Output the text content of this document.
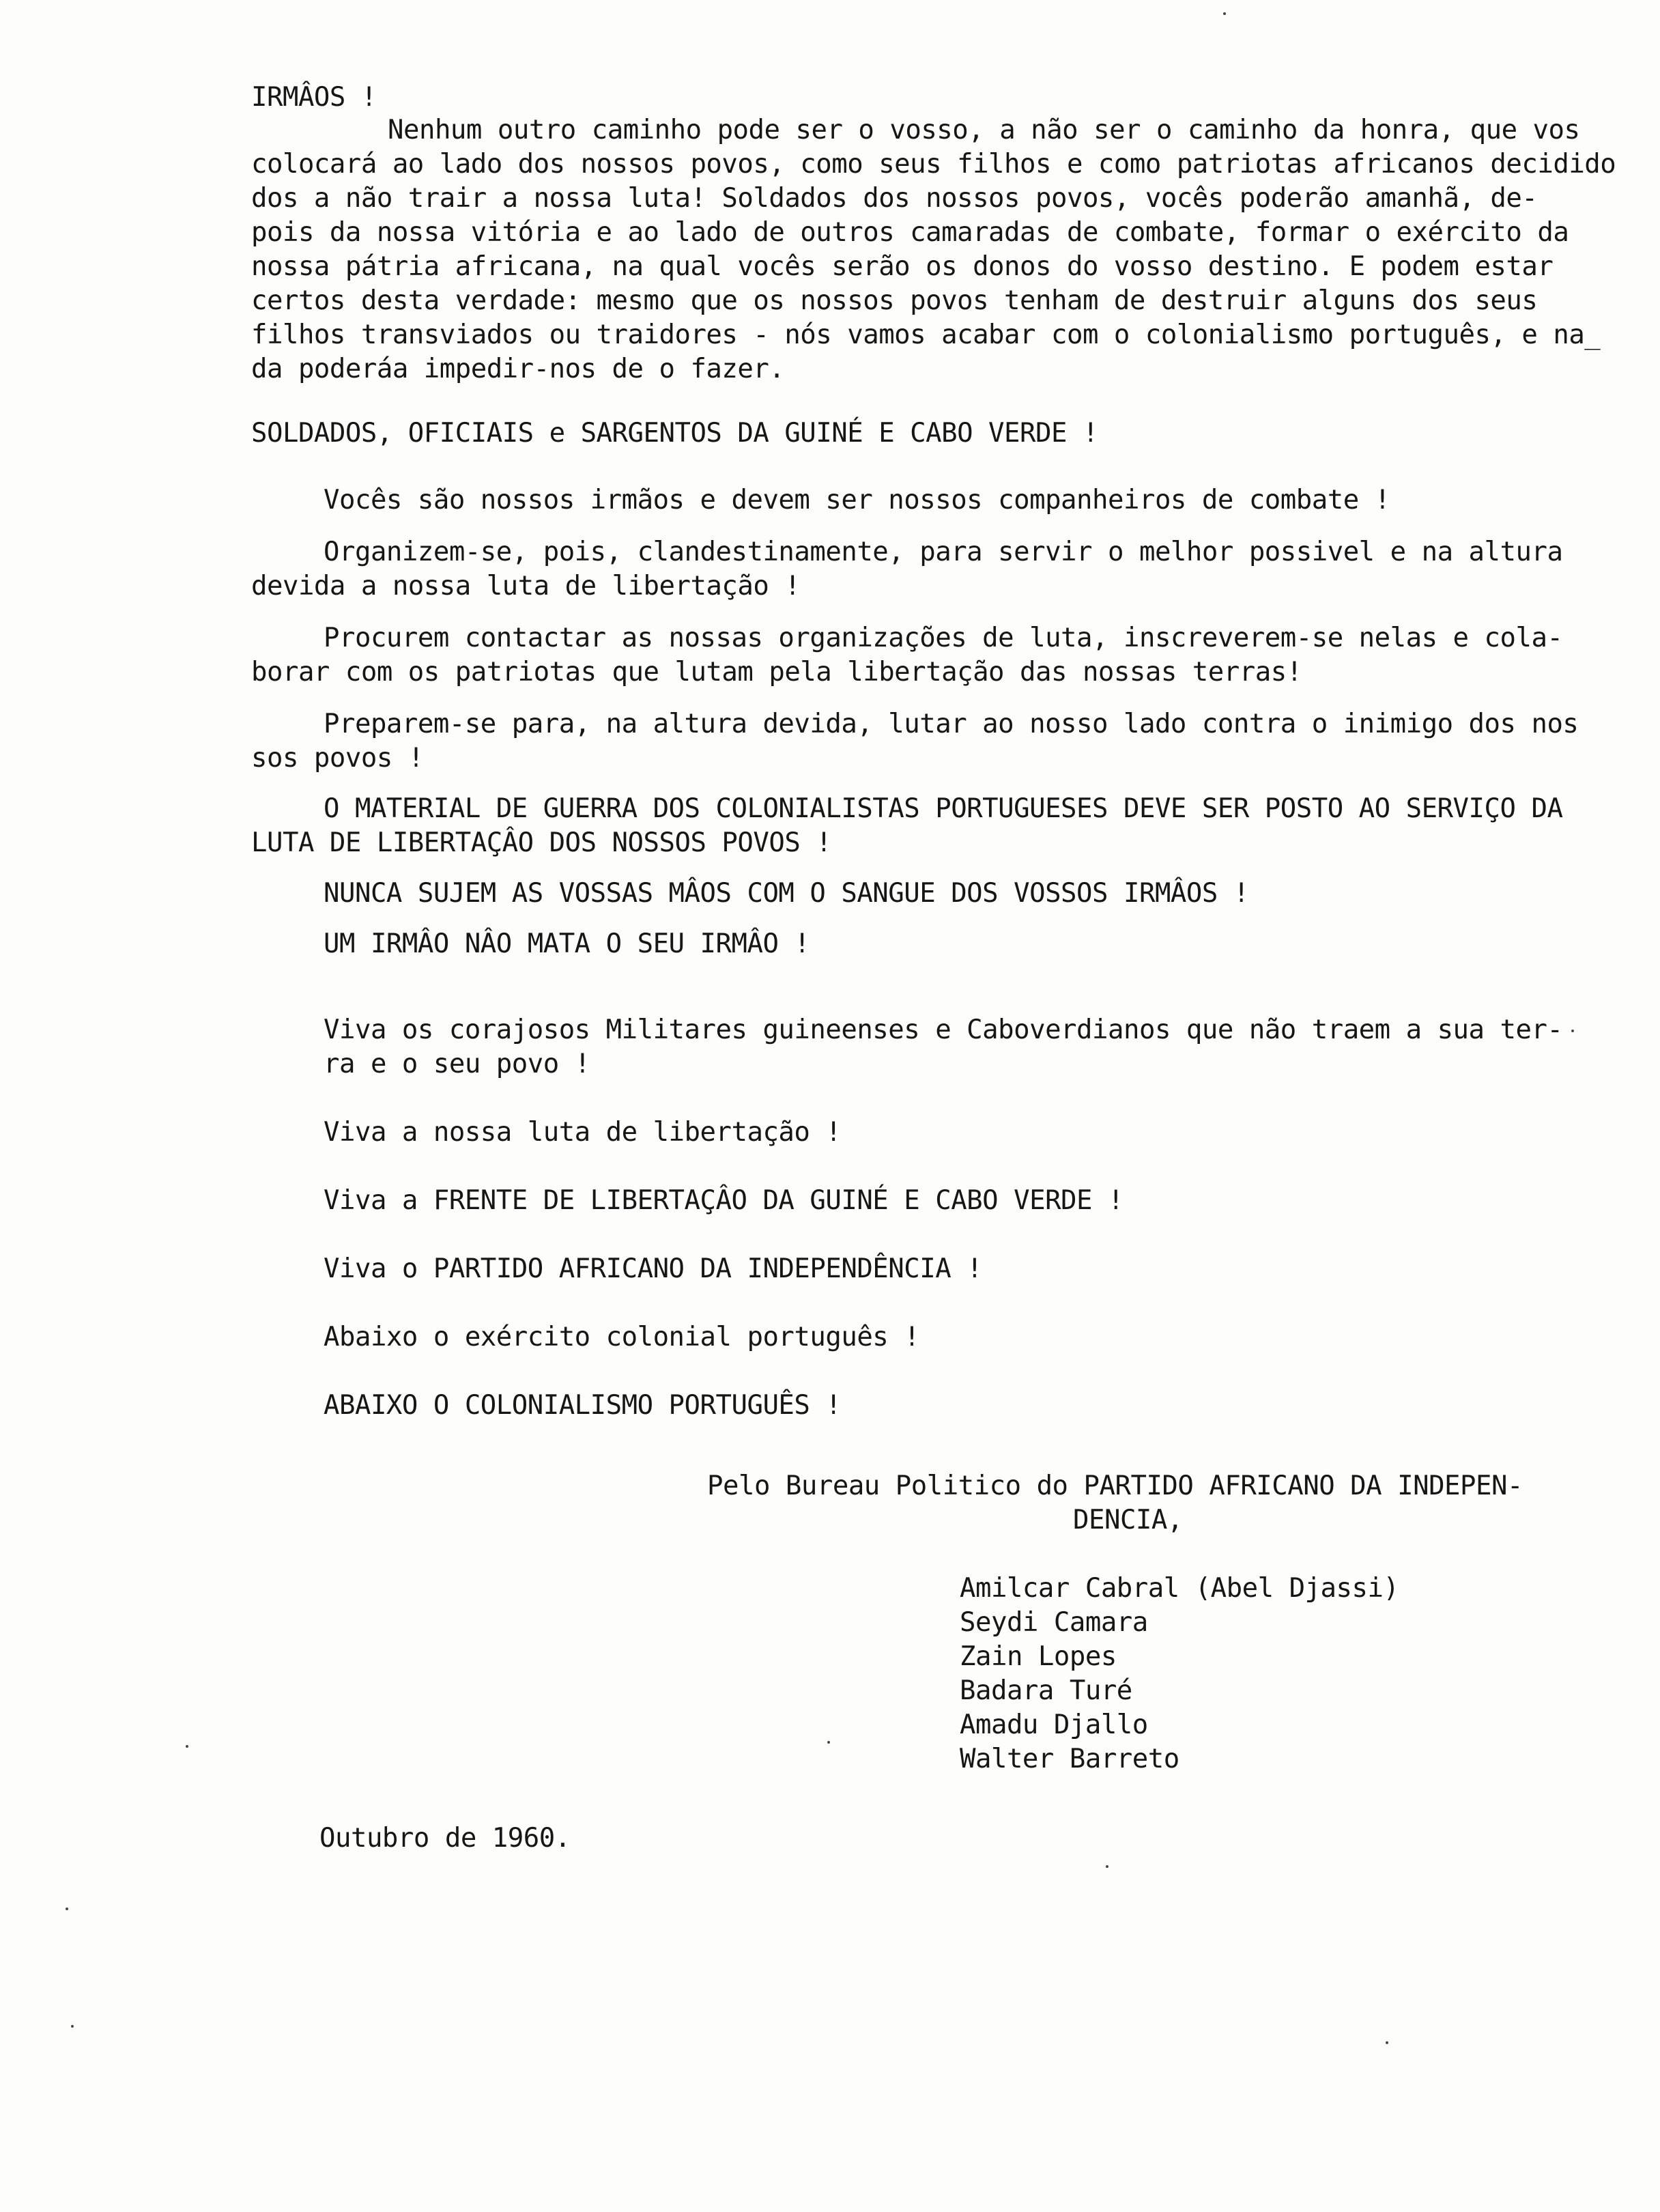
IRMÂOS !
Nenhum outro caminho pode ser o vosso, a não ser o caminho da honra, que vos
colocará ao lado dos nossos povos, como seus filhos e como patriotas africanos decidido
dos a não trair a nossa luta! Soldados dos nossos povos, vocês poderão amanhã, de-
pois da nossa vitória e ao lado de outros camaradas de combate, formar o exército da
nossa pátria africana, na qual vocês serão os donos do vosso destino. E podem estar
certos desta verdade: mesmo que os nossos povos tenham de destruir alguns dos seus
filhos transviados ou traidores - nós vamos acabar com o colonialismo português, e na_
da poderáa impedir-nos de o fazer.
SOLDADOS, OFICIAIS e SARGENTOS DA GUINÉ E CABO VERDE !
Vocês são nossos irmãos e devem ser nossos companheiros de combate !
Organizem-se, pois, clandestinamente, para servir o melhor possivel e na altura
devida a nossa luta de libertação !
Procurem contactar as nossas organizações de luta, inscreverem-se nelas e cola-
borar com os patriotas que lutam pela libertação das nossas terras!
Preparem-se para, na altura devida, lutar ao nosso lado contra o inimigo dos nos
sos povos !
O MATERIAL DE GUERRA DOS COLONIALISTAS PORTUGUESES DEVE SER POSTO AO SERVIÇO DA
LUTA DE LIBERTAÇÂO DOS NOSSOS POVOS !
NUNCA SUJEM AS VOSSAS MÂOS COM O SANGUE DOS VOSSOS IRMÂOS !
UM IRMÂO NÂO MATA O SEU IRMÂO !
Viva os corajosos Militares guineenses e Caboverdianos que não traem a sua ter-
ra e o seu povo !
Viva a nossa luta de libertação !
Viva a FRENTE DE LIBERTAÇÂO DA GUINÉ E CABO VERDE !
Viva o PARTIDO AFRICANO DA INDEPENDÊNCIA !
Abaixo o exército colonial português !
ABAIXO O COLONIALISMO PORTUGUÊS !
Pelo Bureau Politico do PARTIDO AFRICANO DA INDEPEN-
DENCIA,
Amilcar Cabral (Abel Djassi)
Seydi Camara
Zain Lopes
Badara Turé
Amadu Djallo
Walter Barreto
Outubro de 1960.
